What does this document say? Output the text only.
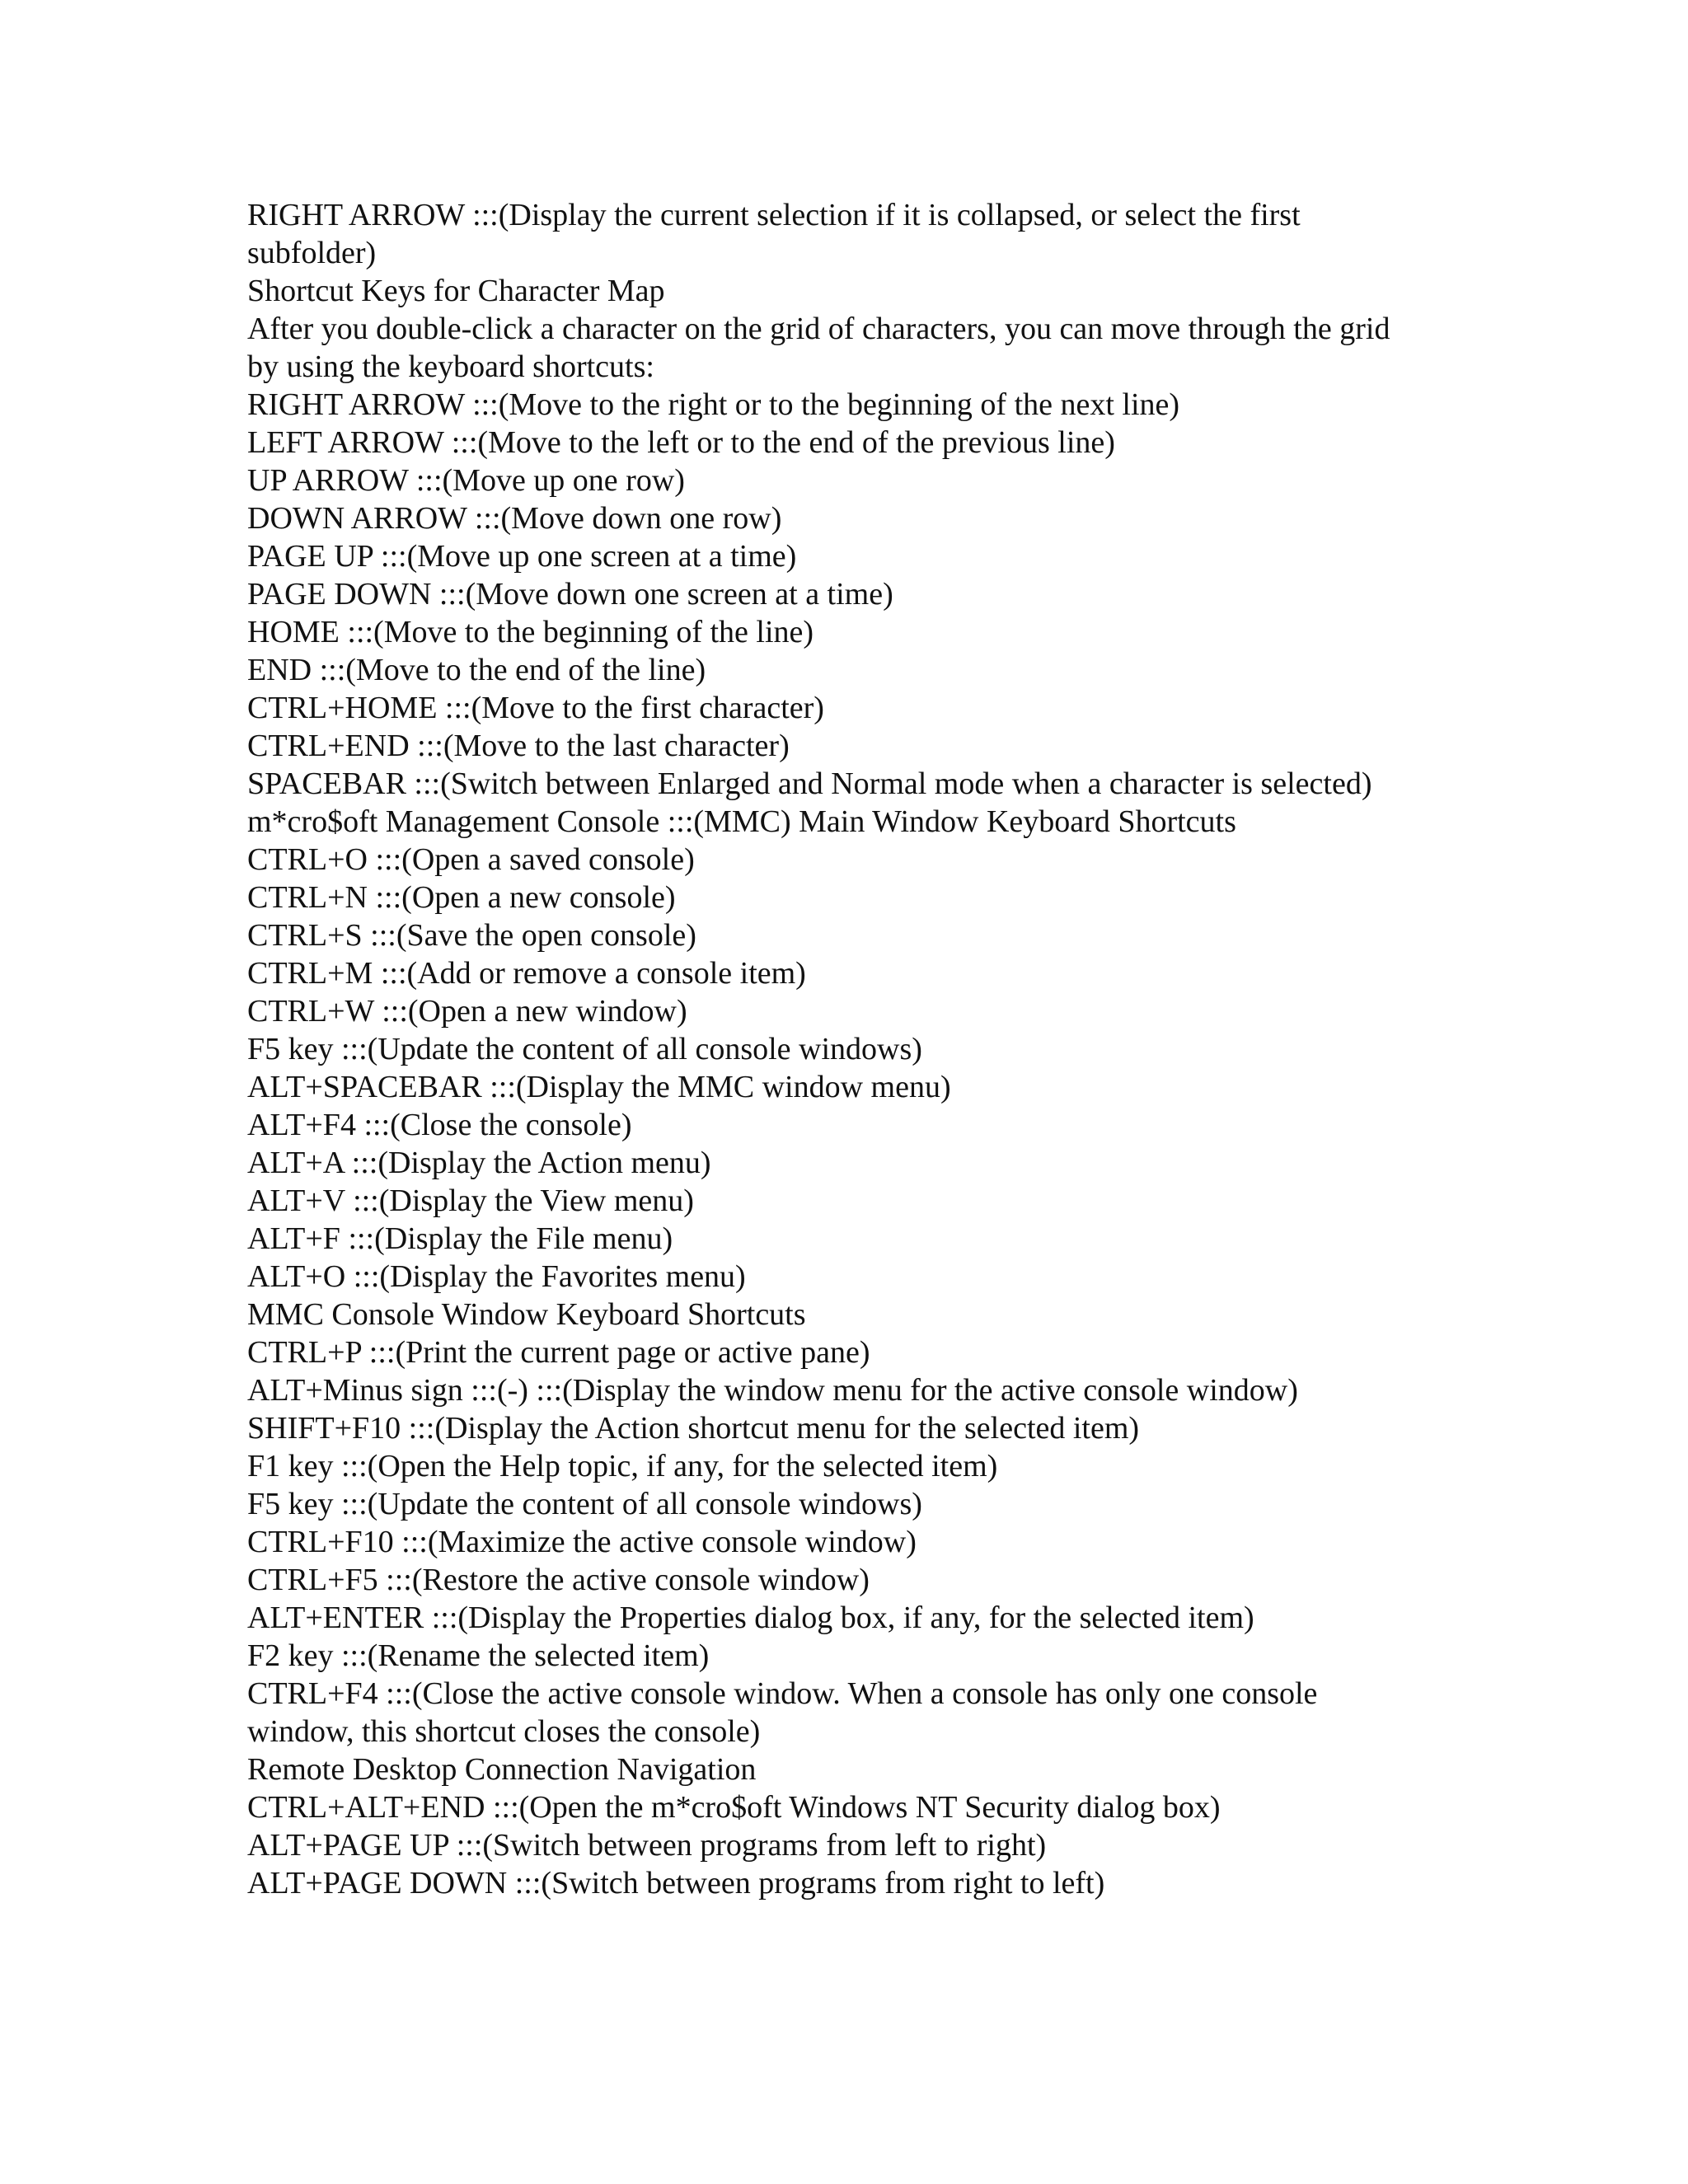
RIGHT ARROW :::(Display the current selection if it is collapsed, or select the first subfolder)

Shortcut Keys for Character Map

After you double-click a character on the grid of characters, you can move through the grid by using the keyboard shortcuts:

RIGHT ARROW :::(Move to the right or to the beginning of the next line)

LEFT ARROW :::(Move to the left or to the end of the previous line)

UP ARROW :::(Move up one row)

DOWN ARROW :::(Move down one row)

PAGE UP :::(Move up one screen at a time)

PAGE DOWN :::(Move down one screen at a time)

HOME :::(Move to the beginning of the line)

END :::(Move to the end of the line)

CTRL+HOME :::(Move to the first character)

CTRL+END :::(Move to the last character)

SPACEBAR :::(Switch between Enlarged and Normal mode when a character is selected)

m*cro$oft Management Console :::(MMC) Main Window Keyboard Shortcuts

CTRL+O :::(Open a saved console)

CTRL+N :::(Open a new console)

CTRL+S :::(Save the open console)

CTRL+M :::(Add or remove a console item)

CTRL+W :::(Open a new window)

F5 key :::(Update the content of all console windows)

ALT+SPACEBAR :::(Display the MMC window menu)

ALT+F4 :::(Close the console)

ALT+A :::(Display the Action menu)

ALT+V :::(Display the View menu)

ALT+F :::(Display the File menu)

ALT+O :::(Display the Favorites menu)

MMC Console Window Keyboard Shortcuts

CTRL+P :::(Print the current page or active pane)

ALT+Minus sign :::(-) :::(Display the window menu for the active console window)

SHIFT+F10 :::(Display the Action shortcut menu for the selected item)

F1 key :::(Open the Help topic, if any, for the selected item)

F5 key :::(Update the content of all console windows)

CTRL+F10 :::(Maximize the active console window)

CTRL+F5 :::(Restore the active console window)

ALT+ENTER :::(Display the Properties dialog box, if any, for the selected item)

F2 key :::(Rename the selected item)

CTRL+F4 :::(Close the active console window. When a console has only one console window, this shortcut closes the console)

Remote Desktop Connection Navigation

CTRL+ALT+END :::(Open the m*cro$oft Windows NT Security dialog box)

ALT+PAGE UP :::(Switch between programs from left to right)

ALT+PAGE DOWN :::(Switch between programs from right to left)
